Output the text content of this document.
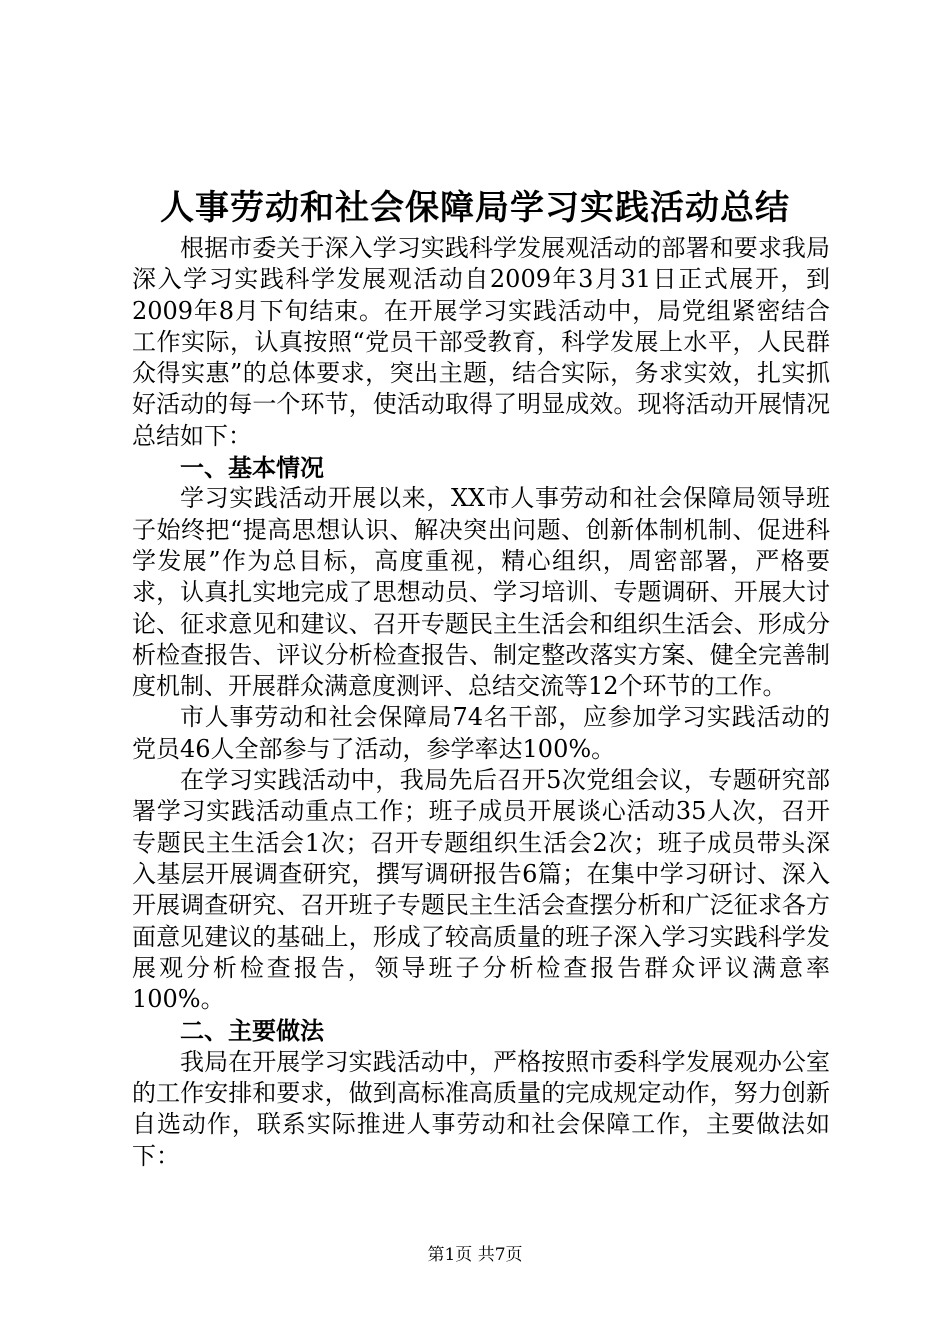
人事劳动和社会保障局学习实践活动总结

根据市委关于深入学习实践科学发展观活动的部署和要求我局深入学习实践科学发展观活动自2009年3月31日正式展开，到2009年8月下旬结束。在开展学习实践活动中，局党组紧密结合工作实际，认真按照“党员干部受教育，科学发展上水平，人民群众得实惠”的总体要求，突出主题，结合实际，务求实效，扎实抓好活动的每一个环节，使活动取得了明显成效。现将活动开展情况总结如下：

一、基本情况

学习实践活动开展以来，XX市人事劳动和社会保障局领导班子始终把“提高思想认识、解决突出问题、创新体制机制、促进科学发展”作为总目标，高度重视，精心组织，周密部署，严格要求，认真扎实地完成了思想动员、学习培训、专题调研、开展大讨论、征求意见和建议、召开专题民主生活会和组织生活会、形成分析检查报告、评议分析检查报告、制定整改落实方案、健全完善制度机制、开展群众满意度测评、总结交流等12个环节的工作。

市人事劳动和社会保障局74名干部，应参加学习实践活动的党员46人全部参与了活动，参学率达100%。

在学习实践活动中，我局先后召开5次党组会议，专题研究部署学习实践活动重点工作；班子成员开展谈心活动35人次，召开专题民主生活会1次；召开专题组织生活会2次；班子成员带头深入基层开展调查研究，撰写调研报告6篇；在集中学习研讨、深入开展调查研究、召开班子专题民主生活会查摆分析和广泛征求各方面意见建议的基础上，形成了较高质量的班子深入学习实践科学发展观分析检查报告，领导班子分析检查报告群众评议满意率100%。

二、主要做法

我局在开展学习实践活动中，严格按照市委科学发展观办公室的工作安排和要求，做到高标准高质量的完成规定动作，努力创新自选动作，联系实际推进人事劳动和社会保障工作，主要做法如下：

第1页 共7页
